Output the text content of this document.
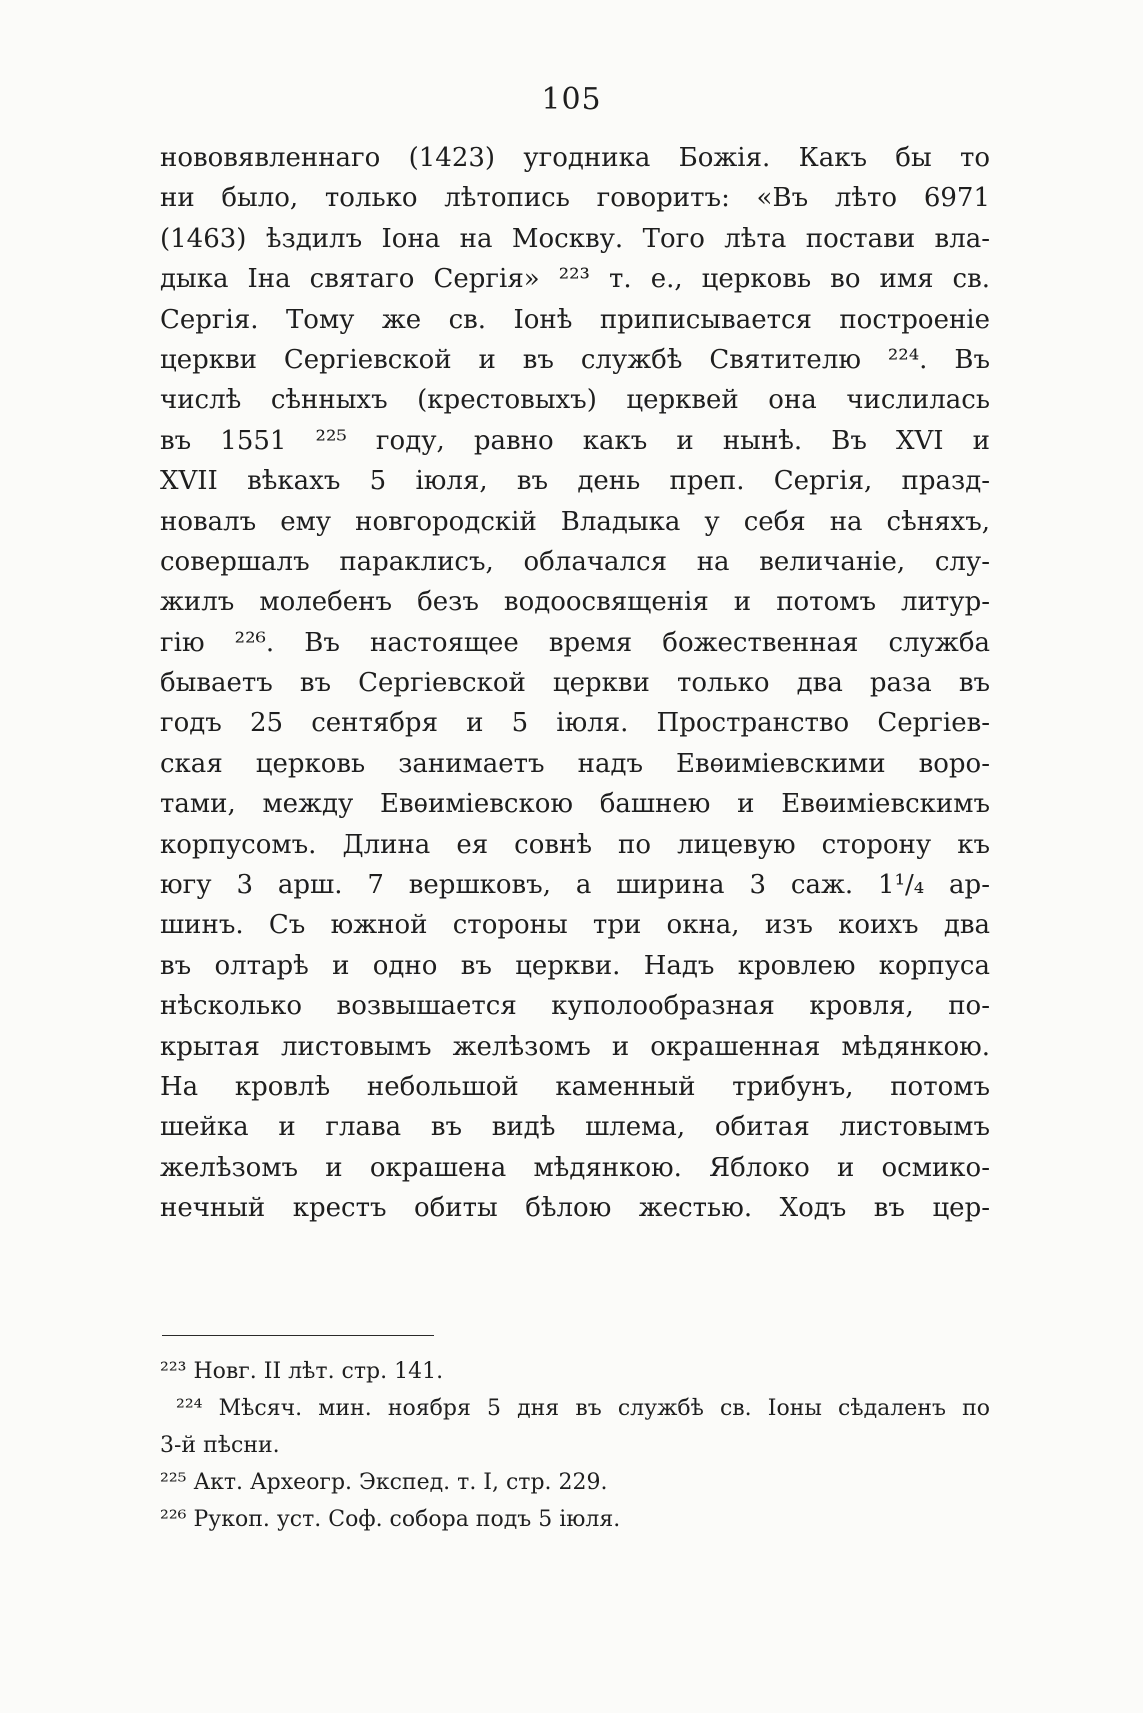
105
нововявленнаго (1423) угодника Божія. Какъ бы то
ни было, только лѣтопись говоритъ: «Въ лѣто 6971
(1463) ѣздилъ Іона на Москву. Того лѣта постави вла-
дыка Іна святаго Сергія» ²²³ т. е., церковь во имя св.
Сергія. Тому же св. Іонѣ приписывается построеніе
церкви Сергіевской и въ службѣ Святителю ²²⁴. Въ
числѣ сѣнныхъ (крестовыхъ) церквей она числилась
въ 1551 ²²⁵ году, равно какъ и нынѣ. Въ XVI и
XVII вѣкахъ 5 іюля, въ день преп. Сергія, празд-
новалъ ему новгородскій Владыка у себя на сѣняхъ,
совершалъ параклисъ, облачался на величаніе, слу-
жилъ молебенъ безъ водоосвященія и потомъ литур-
гію ²²⁶. Въ настоящее время божественная служба
бываетъ въ Сергіевской церкви только два раза въ
годъ 25 сентября и 5 іюля. Пространство Сергіев-
ская церковь занимаетъ надъ Евѳиміевскими воро-
тами, между Евѳиміевскою башнею и Евѳиміевскимъ
корпусомъ. Длина ея совнѣ по лицевую сторону къ
югу 3 арш. 7 вершковъ, а ширина 3 саж. 1¹/₄ ар-
шинъ. Съ южной стороны три окна, изъ коихъ два
въ олтарѣ и одно въ церкви. Надъ кровлею корпуса
нѣсколько возвышается куполообразная кровля, по-
крытая листовымъ желѣзомъ и окрашенная мѣдянкою.
На кровлѣ небольшой каменный трибунъ, потомъ
шейка и глава въ видѣ шлема, обитая листовымъ
желѣзомъ и окрашена мѣдянкою. Яблоко и осмико-
нечный крестъ обиты бѣлою жестью. Ходъ въ цер-
²²³ Новг. II лѣт. стр. 141.
²²⁴ Мѣсяч. мин. ноября 5 дня въ службѣ св. Іоны сѣдаленъ по
3-й пѣсни.
²²⁵ Акт. Археогр. Экспед. т. I, стр. 229.
²²⁶ Рукоп. уст. Соф. собора подъ 5 іюля.
